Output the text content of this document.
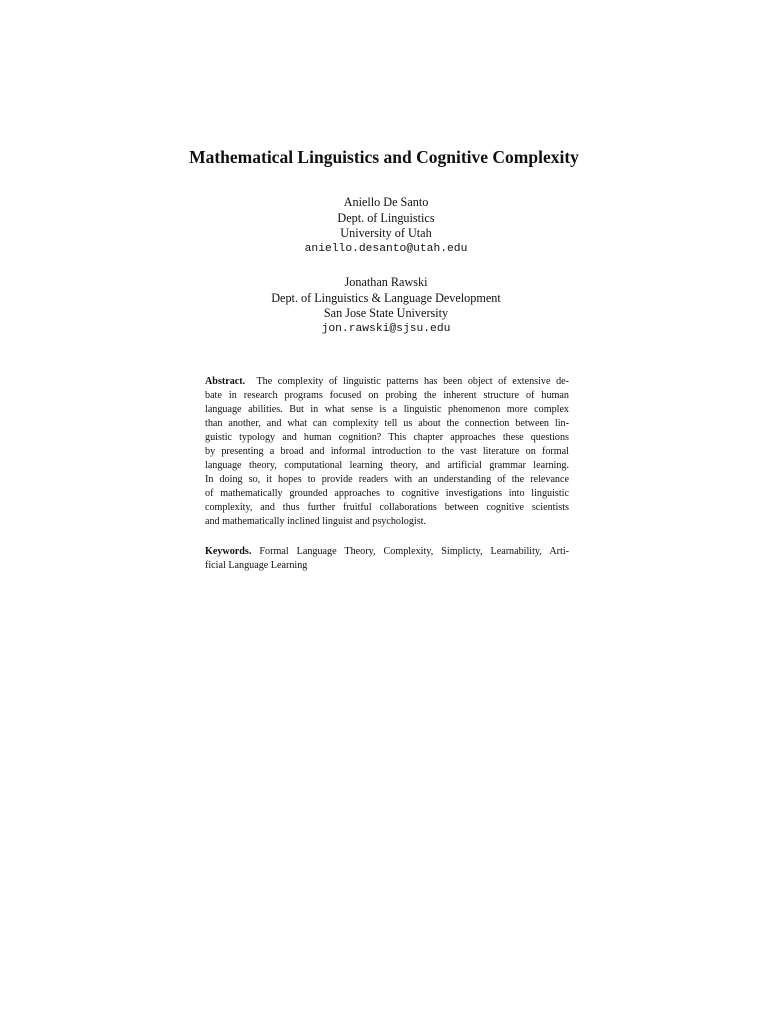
Mathematical Linguistics and Cognitive Complexity
Aniello De Santo
Dept. of Linguistics
University of Utah
aniello.desanto@utah.edu
Jonathan Rawski
Dept. of Linguistics & Language Development
San Jose State University
jon.rawski@sjsu.edu
Abstract. The complexity of linguistic patterns has been object of extensive de-
bate in research programs focused on probing the inherent structure of human
language abilities. But in what sense is a linguistic phenomenon more complex
than another, and what can complexity tell us about the connection between lin-
guistic typology and human cognition? This chapter approaches these questions
by presenting a broad and informal introduction to the vast literature on formal
language theory, computational learning theory, and artificial grammar learning.
In doing so, it hopes to provide readers with an understanding of the relevance
of mathematically grounded approaches to cognitive investigations into linguistic
complexity, and thus further fruitful collaborations between cognitive scientists
and mathematically inclined linguist and psychologist.
Keywords. Formal Language Theory, Complexity, Simplicty, Learnability, Arti-
ficial Language Learning
